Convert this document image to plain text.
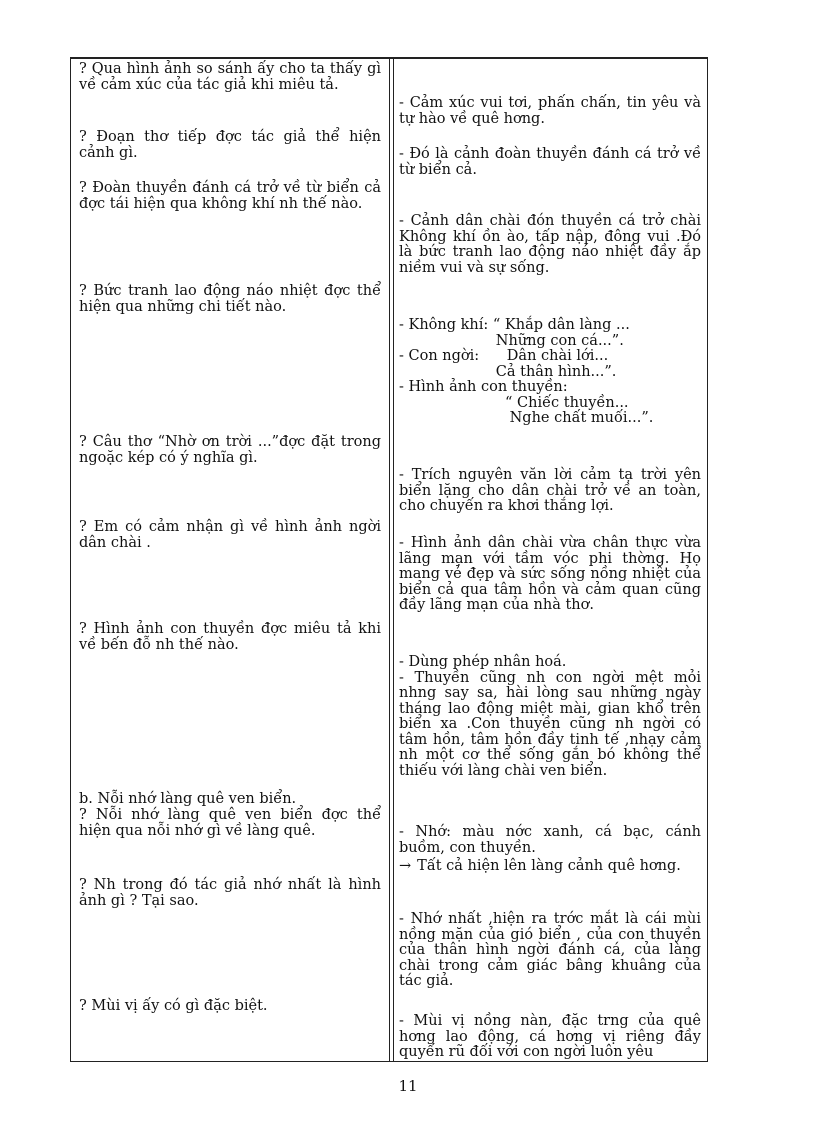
? Qua hình ảnh so sánh ấy cho ta thấy gì về cảm xúc của tác giả khi miêu tả.

? Đoạn thơ tiếp đợc tác giả thể hiện cảnh gì.

? Đoàn thuyền đánh cá trở về từ biển cả đợc tái hiện qua không khí nh thế nào.

? Bức tranh lao động náo nhiệt đợc thể hiện qua những chi tiết nào.

? Câu thơ “Nhờ ơn trời ...”đợc đặt trong ngoặc kép có ý nghĩa gì.

? Em có cảm nhận gì về hình ảnh ngời dân chài .

? Hình ảnh con thuyền đợc miêu tả khi về bến đỗ nh thế nào.

b. Nỗi nhớ làng quê ven biển.

? Nỗi nhớ làng quê ven biển đợc thể hiện qua nỗi nhớ gì về làng quê.

? Nh trong đó tác giả nhớ nhất là hình ảnh gì ? Tại sao.

? Mùi vị ấy có gì đặc biệt.

- Cảm xúc vui tơi, phấn chấn, tin yêu và tự hào về quê hơng.

- Đó là cảnh đoàn thuyền đánh cá trở về từ biển cả.

- Cảnh dân chài đón thuyền cá trở chài Không khí ồn ào, tấp nập, đông vui .Đó là bức tranh lao động náo nhiệt đầy ắp niềm vui và sự sống.

- Không khí: “ Khắp dân làng ...
Những con cá...”.
- Con ngời:      Dân chài lới...
Cả thân hình...”.
- Hình ảnh con thuyền:
“ Chiếc thuyền...
Nghe chất muối...”.

- Trích nguyên văn lời cảm tạ trời yên biển lặng cho dân chài trở về an toàn, cho chuyến ra khơi thắng lợi.

- Hình ảnh dân chài vừa chân thực vừa lãng mạn với tầm vóc phi thờng. Họ mang vẻ đẹp và sức sống nồng nhiệt của biển cả qua tâm hồn và cảm quan cũng đầy lãng mạn của nhà thơ.

- Dùng phép nhân hoá.
- Thuyền cũng nh con ngời mệt mỏi nhng say sa, hài lòng sau những ngày tháng lao động miệt mài, gian khổ trên biển xa .Con thuyền cũng nh ngời có tâm hồn, tâm hồn đầy tinh tế ,nhạy cảm nh một cơ thể sống gắn bó không thể thiếu với làng chài ven biển.
- Nhớ: màu nớc xanh, cá bạc, cánh buồm, con thuyền.
→ Tất cả hiện lên làng cảnh quê hơng.

- Nhớ nhất ,hiện ra trớc mắt là cái mùi nồng mặn của gió biển , của con thuyền của thân hình ngời đánh cá, của làng chài trong cảm giác bâng khuâng của tác giả.

- Mùi vị nồng nàn, đặc trng của quê hơng lao động, cá hơng vị riêng đầy quyến rũ đối với con ngời luôn yêu

11
